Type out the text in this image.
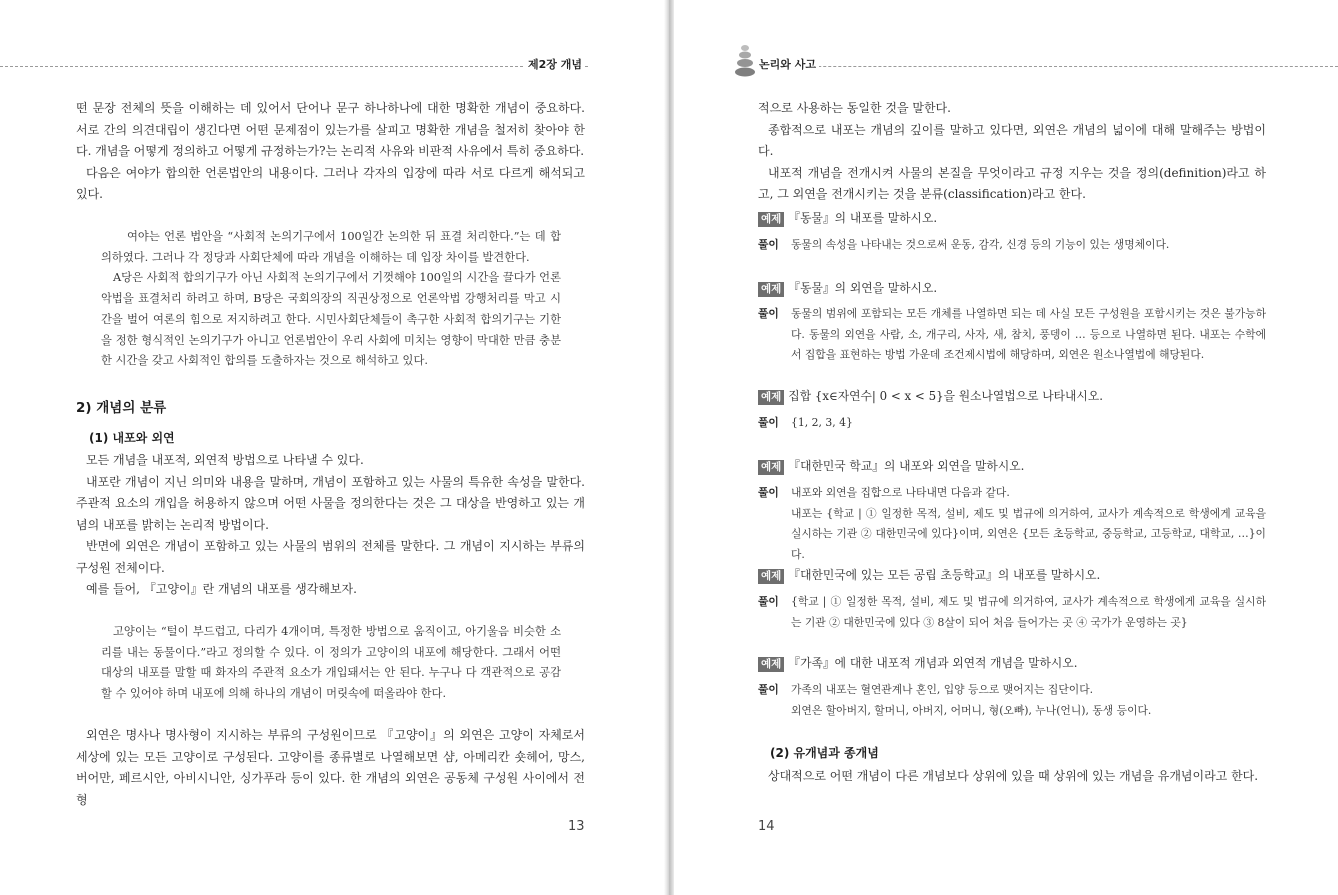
제2장 개념

떤 문장 전체의 뜻을 이해하는 데 있어서 단어나 문구 하나하나에 대한 명확한 개념이 중요하다. 서로 간의 의견대립이 생긴다면 어떤 문제점이 있는가를 살피고 명확한 개념을 철저히 찾아야 한다. 개념을 어떻게 정의하고 어떻게 규정하는가?는 논리적 사유와 비판적 사유에서 특히 중요하다.

다음은 여야가 합의한 언론법안의 내용이다. 그러나 각자의 입장에 따라 서로 다르게 해석되고 있다.

여야는 언론 법안을 “사회적 논의기구에서 100일간 논의한 뒤 표결 처리한다.”는 데 합의하였다. 그러나 각 정당과 사회단체에 따라 개념을 이해하는 데 입장 차이를 발견한다.

A당은 사회적 합의기구가 아닌 사회적 논의기구에서 기껏해야 100일의 시간을 끌다가 언론악법을 표결처리 하려고 하며, B당은 국회의장의 직권상정으로 언론악법 강행처리를 막고 시간을 벌어 여론의 힘으로 저지하려고 한다. 시민사회단체들이 촉구한 사회적 합의기구는 기한을 정한 형식적인 논의기구가 아니고 언론법안이 우리 사회에 미치는 영향이 막대한 만큼 충분한 시간을 갖고 사회적인 합의를 도출하자는 것으로 해석하고 있다.

2) 개념의 분류
(1) 내포와 외연

모든 개념을 내포적, 외연적 방법으로 나타낼 수 있다.

내포란 개념이 지닌 의미와 내용을 말하며, 개념이 포함하고 있는 사물의 특유한 속성을 말한다. 주관적 요소의 개입을 허용하지 않으며 어떤 사물을 정의한다는 것은 그 대상을 반영하고 있는 개념의 내포를 밝히는 논리적 방법이다.

반면에 외연은 개념이 포함하고 있는 사물의 범위의 전체를 말한다. 그 개념이 지시하는 부류의 구성원 전체이다.

예를 들어, 『고양이』란 개념의 내포를 생각해보자.

고양이는 “털이 부드럽고, 다리가 4개이며, 특정한 방법으로 움직이고, 아기울음 비슷한 소리를 내는 동물이다.”라고 정의할 수 있다. 이 정의가 고양이의 내포에 해당한다. 그래서 어떤 대상의 내포를 말할 때 화자의 주관적 요소가 개입돼서는 안 된다. 누구나 다 객관적으로 공감할 수 있어야 하며 내포에 의해 하나의 개념이 머릿속에 떠올라야 한다.

외연은 명사나 명사형이 지시하는 부류의 구성원이므로 『고양이』의 외연은 고양이 자체로서 세상에 있는 모든 고양이로 구성된다. 고양이를 종류별로 나열해보면 샴, 아메리칸 숏헤어, 망스, 버어만, 페르시안, 아비시니안, 싱가푸라 등이 있다. 한 개념의 외연은 공동체 구성원 사이에서 전형

13
논리와 사고

적으로 사용하는 동일한 것을 말한다.

종합적으로 내포는 개념의 깊이를 말하고 있다면, 외연은 개념의 넓이에 대해 말해주는 방법이다.

내포적 개념을 전개시켜 사물의 본질을 무엇이라고 규정 지우는 것을 정의(definition)라고 하고, 그 외연을 전개시키는 것을 분류(classification)라고 한다.

예제 『동물』의 내포를 말하시오.
풀이 동물의 속성을 나타내는 것으로써 운동, 감각, 신경 등의 기능이 있는 생명체이다.

예제 『동물』의 외연을 말하시오.
풀이 동물의 범위에 포함되는 모든 개체를 나열하면 되는 데 사실 모든 구성원을 포함시키는 것은 불가능하다. 동물의 외연을 사람, 소, 개구리, 사자, 새, 참치, 풍뎅이 … 등으로 나열하면 된다. 내포는 수학에서 집합을 표현하는 방법 가운데 조건제시법에 해당하며, 외연은 원소나열법에 해당된다.

예제 집합 {x∈자연수| 0 < x < 5}을 원소나열법으로 나타내시오.
풀이 {1, 2, 3, 4}

예제 『대한민국 학교』의 내포와 외연을 말하시오.
풀이 내포와 외연을 집합으로 나타내면 다음과 같다.

내포는 {학교 | ① 일정한 목적, 설비, 제도 및 법규에 의거하여, 교사가 계속적으로 학생에게 교육을 실시하는 기관 ② 대한민국에 있다}이며, 외연은 {모든 초등학교, 중등학교, 고등학교, 대학교, …}이다.

예제 『대한민국에 있는 모든 공립 초등학교』의 내포를 말하시오.
풀이 {학교 | ① 일정한 목적, 설비, 제도 및 법규에 의거하여, 교사가 계속적으로 학생에게 교육을 실시하는 기관 ② 대한민국에 있다 ③ 8살이 되어 처음 들어가는 곳 ④ 국가가 운영하는 곳}

예제 『가족』에 대한 내포적 개념과 외연적 개념을 말하시오.
풀이 가족의 내포는 혈연관계나 혼인, 입양 등으로 맺어지는 집단이다.

외연은 할아버지, 할머니, 아버지, 어머니, 형(오빠), 누나(언니), 동생 등이다.

(2) 유개념과 종개념

상대적으로 어떤 개념이 다른 개념보다 상위에 있을 때 상위에 있는 개념을 유개념이라고 한다.

14
